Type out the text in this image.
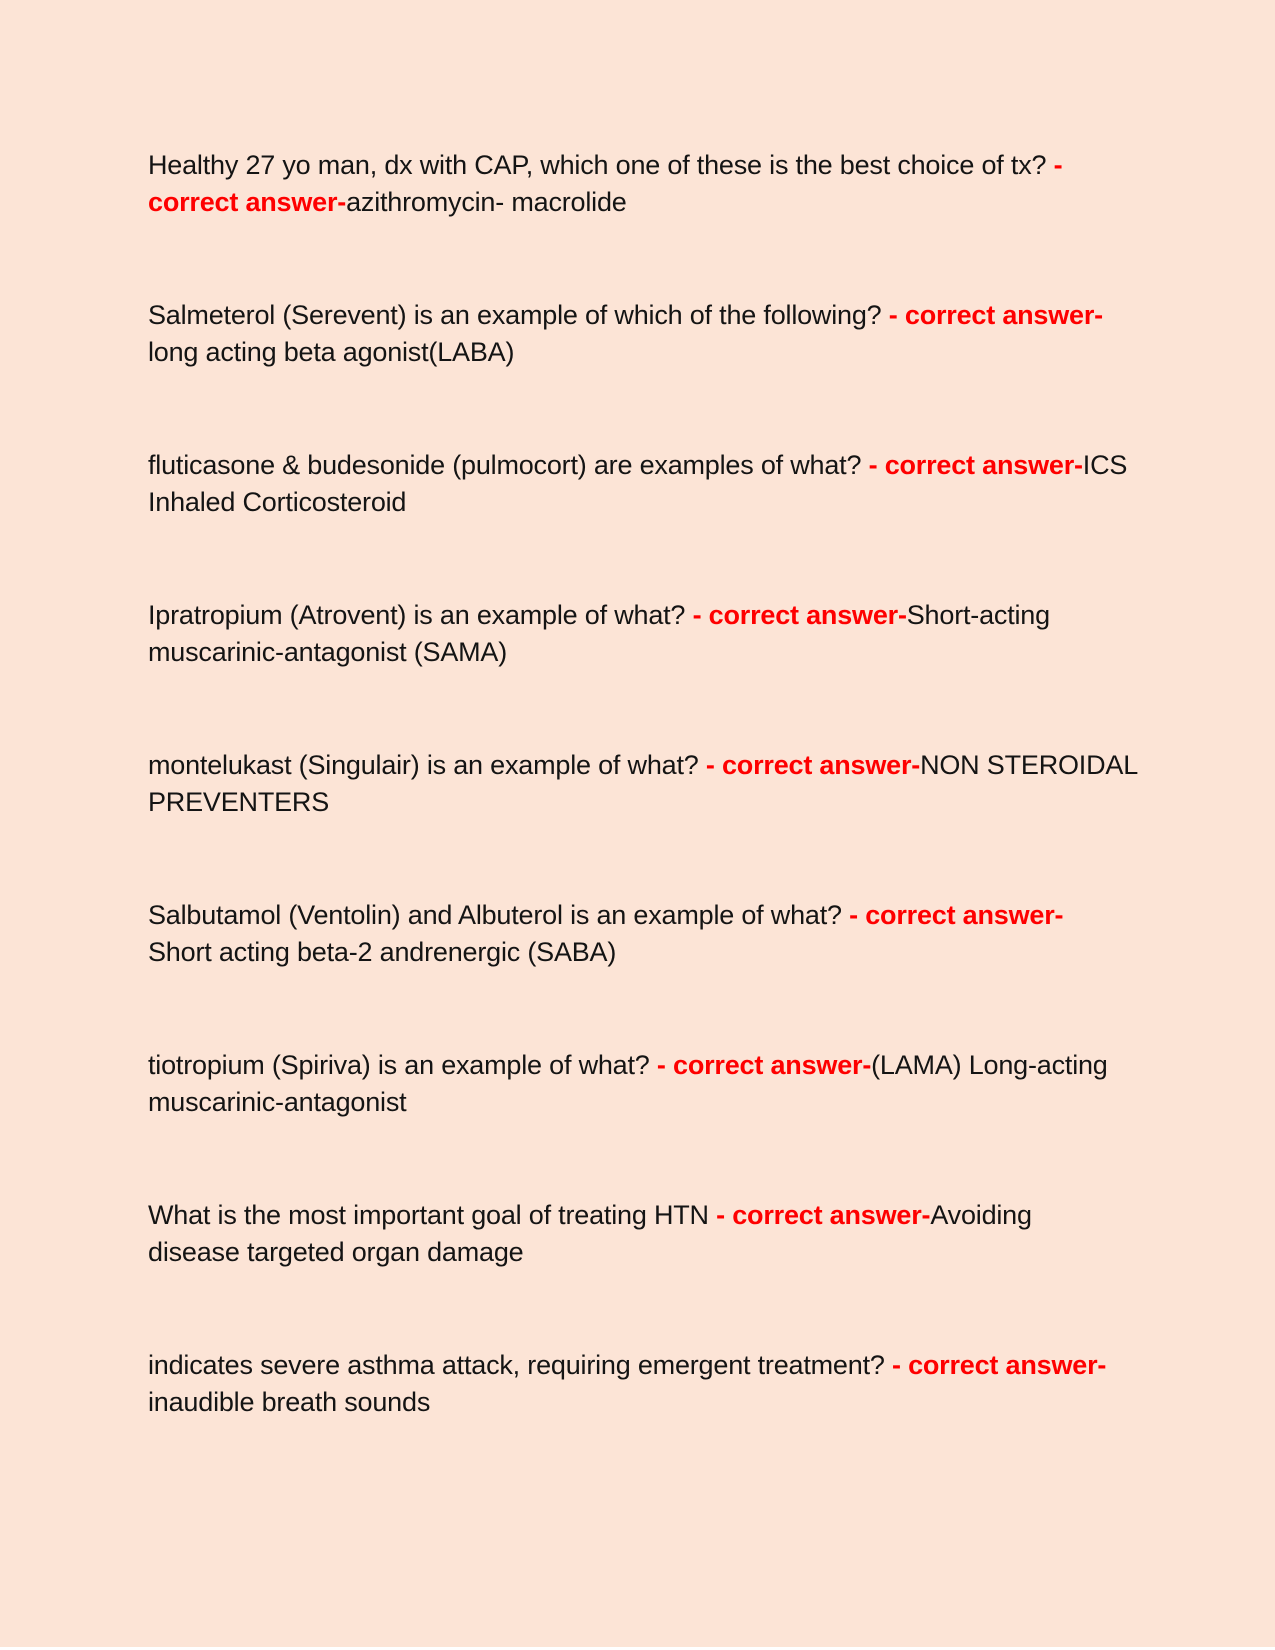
Healthy 27 yo man, dx with CAP, which one of these is the best choice of tx? -
correct answer-azithromycin- macrolide
Salmeterol (Serevent) is an example of which of the following? - correct answer-
long acting beta agonist(LABA)
fluticasone & budesonide (pulmocort) are examples of what? - correct answer-ICS
Inhaled Corticosteroid
Ipratropium (Atrovent) is an example of what? - correct answer-Short-acting
muscarinic-antagonist (SAMA)
montelukast (Singulair) is an example of what? - correct answer-NON STEROIDAL
PREVENTERS
Salbutamol (Ventolin) and Albuterol is an example of what? - correct answer-
Short acting beta-2 andrenergic (SABA)
tiotropium (Spiriva) is an example of what? - correct answer-(LAMA) Long-acting
muscarinic-antagonist
What is the most important goal of treating HTN - correct answer-Avoiding
disease targeted organ damage
indicates severe asthma attack, requiring emergent treatment? - correct answer-
inaudible breath sounds
